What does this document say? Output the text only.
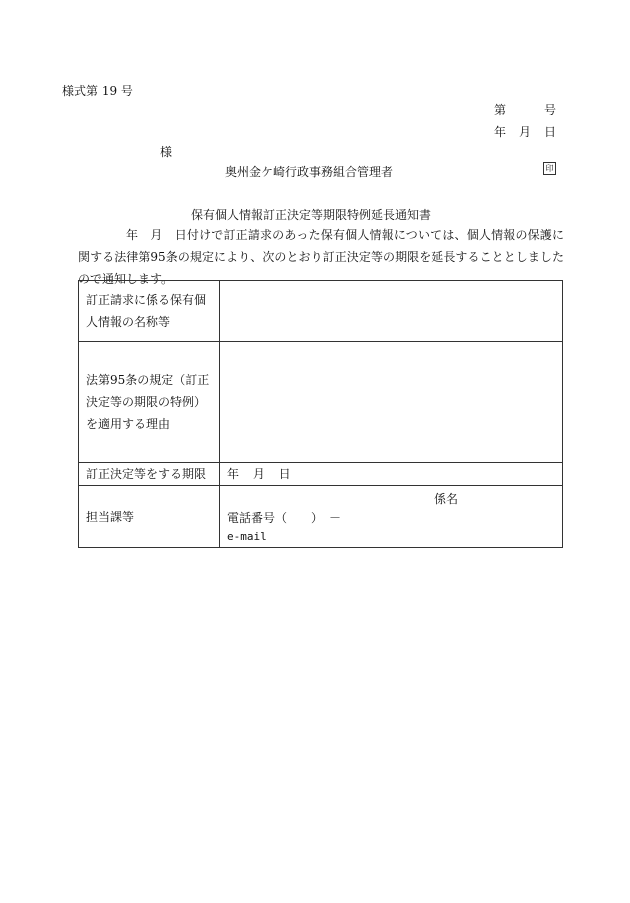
様式第 19 号
第	号
年 月 日
様
奥州金ケ崎行政事務組合管理者	印
保有個人情報訂正決定等期限特例延長通知書
年　月　日付けで訂正請求のあった保有個人情報については、個人情報の保護に関する法律第95条の規定により、次のとおり訂正決定等の期限を延長することとしましたので通知します。
訂正請求に係る保有個人情報の名称等	
法第95条の規定（訂正決定等の期限の特例）を適用する理由	
訂正決定等をする期限	年 月 日
担当課等	係名
電話番号（　　）　－
e-mail
